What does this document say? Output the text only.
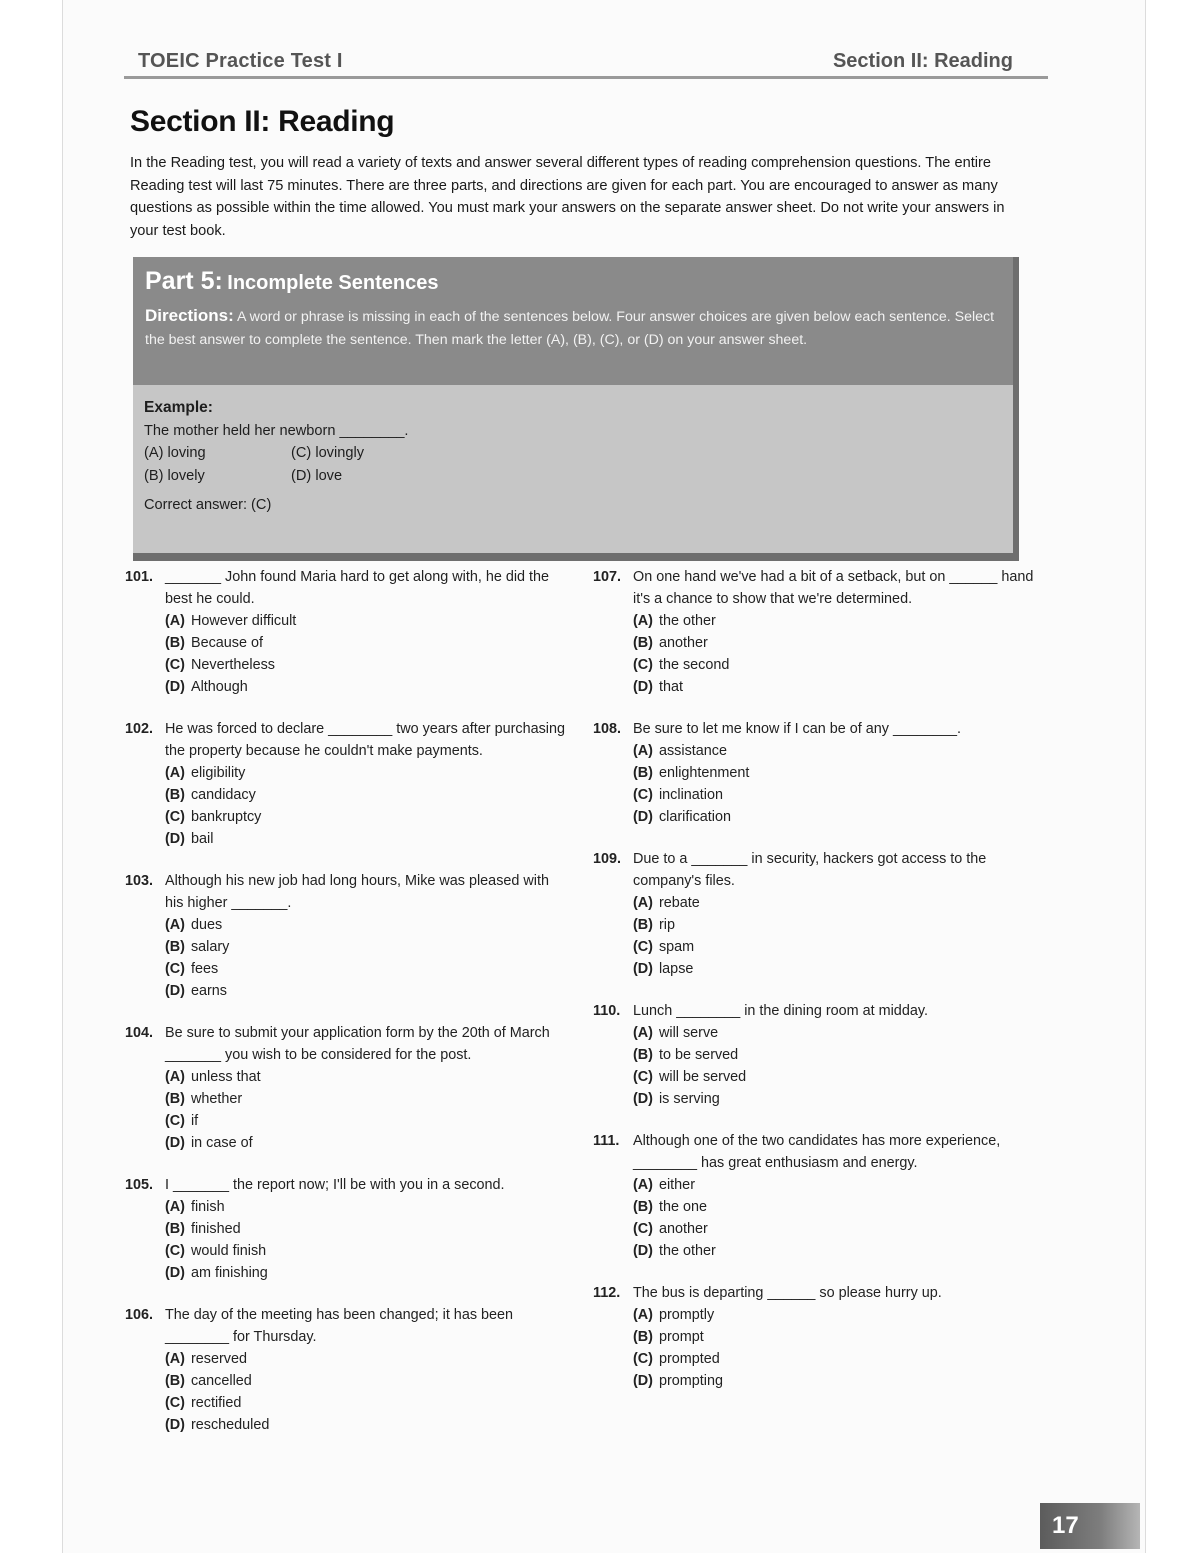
TOEIC Practice Test I	Section II: Reading
Section II: Reading
In the Reading test, you will read a variety of texts and answer several different types of reading comprehension questions. The entire Reading test will last 75 minutes. There are three parts, and directions are given for each part. You are encouraged to answer as many questions as possible within the time allowed. You must mark your answers on the separate answer sheet. Do not write your answers in your test book.
Part 5: Incomplete Sentences
Directions: A word or phrase is missing in each of the sentences below. Four answer choices are given below each sentence. Select the best answer to complete the sentence. Then mark the letter (A), (B), (C), or (D) on your answer sheet.
Example:
The mother held her newborn ________.
(A) loving
(B) lovely
(C) lovingly
(D) love
Correct answer: (C)
101. _______ John found Maria hard to get along with, he did the best he could.
(A) However difficult
(B) Because of
(C) Nevertheless
(D) Although
102. He was forced to declare ________ two years after purchasing the property because he couldn't make payments.
(A) eligibility
(B) candidacy
(C) bankruptcy
(D) bail
103. Although his new job had long hours, Mike was pleased with his higher _______.
(A) dues
(B) salary
(C) fees
(D) earns
104. Be sure to submit your application form by the 20th of March _______ you wish to be considered for the post.
(A) unless that
(B) whether
(C) if
(D) in case of
105. I _______ the report now; I'll be with you in a second.
(A) finish
(B) finished
(C) would finish
(D) am finishing
106. The day of the meeting has been changed; it has been ________ for Thursday.
(A) reserved
(B) cancelled
(C) rectified
(D) rescheduled
107. On one hand we've had a bit of a setback, but on ______ hand it's a chance to show that we're determined.
(A) the other
(B) another
(C) the second
(D) that
108. Be sure to let me know if I can be of any ________.
(A) assistance
(B) enlightenment
(C) inclination
(D) clarification
109. Due to a _______ in security, hackers got access to the company's files.
(A) rebate
(B) rip
(C) spam
(D) lapse
110. Lunch ________ in the dining room at midday.
(A) will serve
(B) to be served
(C) will be served
(D) is serving
111. Although one of the two candidates has more experience, ________ has great enthusiasm and energy.
(A) either
(B) the one
(C) another
(D) the other
112. The bus is departing ______ so please hurry up.
(A) promptly
(B) prompt
(C) prompted
(D) prompting
17
